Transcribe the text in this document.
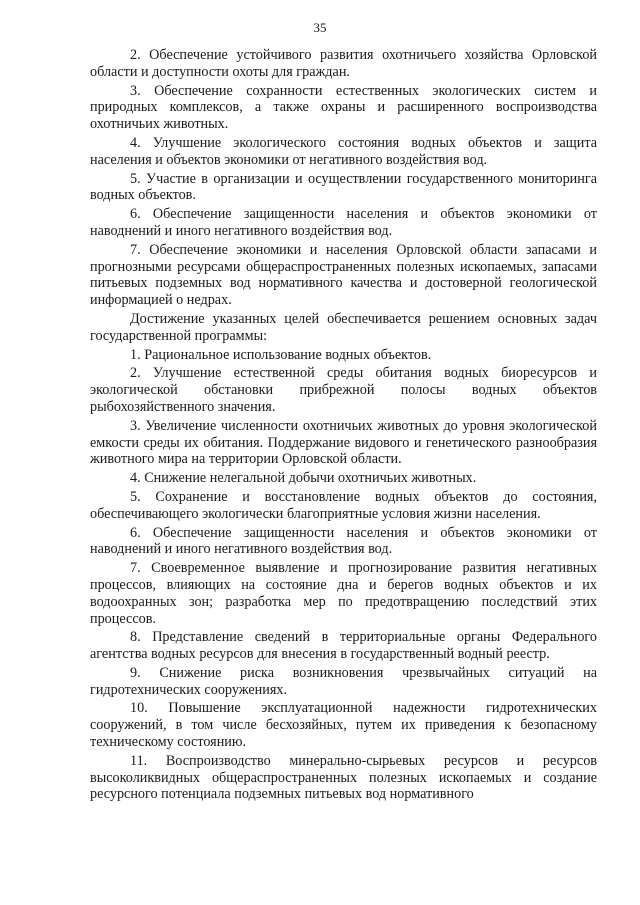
35

2. Обеспечение устойчивого развития охотничьего хозяйства Орловской области и доступности охоты для граждан.

3. Обеспечение сохранности естественных экологических систем и природных комплексов, а также охраны и расширенного воспроизводства охотничьих животных.

4. Улучшение экологического состояния водных объектов и защита населения и объектов экономики от негативного воздействия вод.

5. Участие в организации и осуществлении государственного мониторинга водных объектов.

6. Обеспечение защищенности населения и объектов экономики от наводнений и иного негативного воздействия вод.

7. Обеспечение экономики и населения Орловской области запасами и прогнозными ресурсами общераспространенных полезных ископаемых, запасами питьевых подземных вод нормативного качества и достоверной геологической информацией о недрах.

Достижение указанных целей обеспечивается решением основных задач государственной программы:

1. Рациональное использование водных объектов.

2. Улучшение естественной среды обитания водных биоресурсов и экологической обстановки прибрежной полосы водных объектов рыбохозяйственного значения.

3. Увеличение численности охотничьих животных до уровня экологической емкости среды их обитания. Поддержание видового и генетического разнообразия животного мира на территории Орловской области.

4. Снижение нелегальной добычи охотничьих животных.

5. Сохранение и восстановление водных объектов до состояния, обеспечивающего экологически благоприятные условия жизни населения.

6. Обеспечение защищенности населения и объектов экономики от наводнений и иного негативного воздействия вод.

7. Своевременное выявление и прогнозирование развития негативных процессов, влияющих на состояние дна и берегов водных объектов и их водоохранных зон; разработка мер по предотвращению последствий этих процессов.

8. Представление сведений в территориальные органы Федерального агентства водных ресурсов для внесения в государственный водный реестр.

9. Снижение риска возникновения чрезвычайных ситуаций на гидротехнических сооружениях.

10. Повышение эксплуатационной надежности гидротехнических сооружений, в том числе бесхозяйных, путем их приведения к безопасному техническому состоянию.

11. Воспроизводство минерально-сырьевых ресурсов и ресурсов высоколиквидных общераспространенных полезных ископаемых и создание ресурсного потенциала подземных питьевых вод нормативного
